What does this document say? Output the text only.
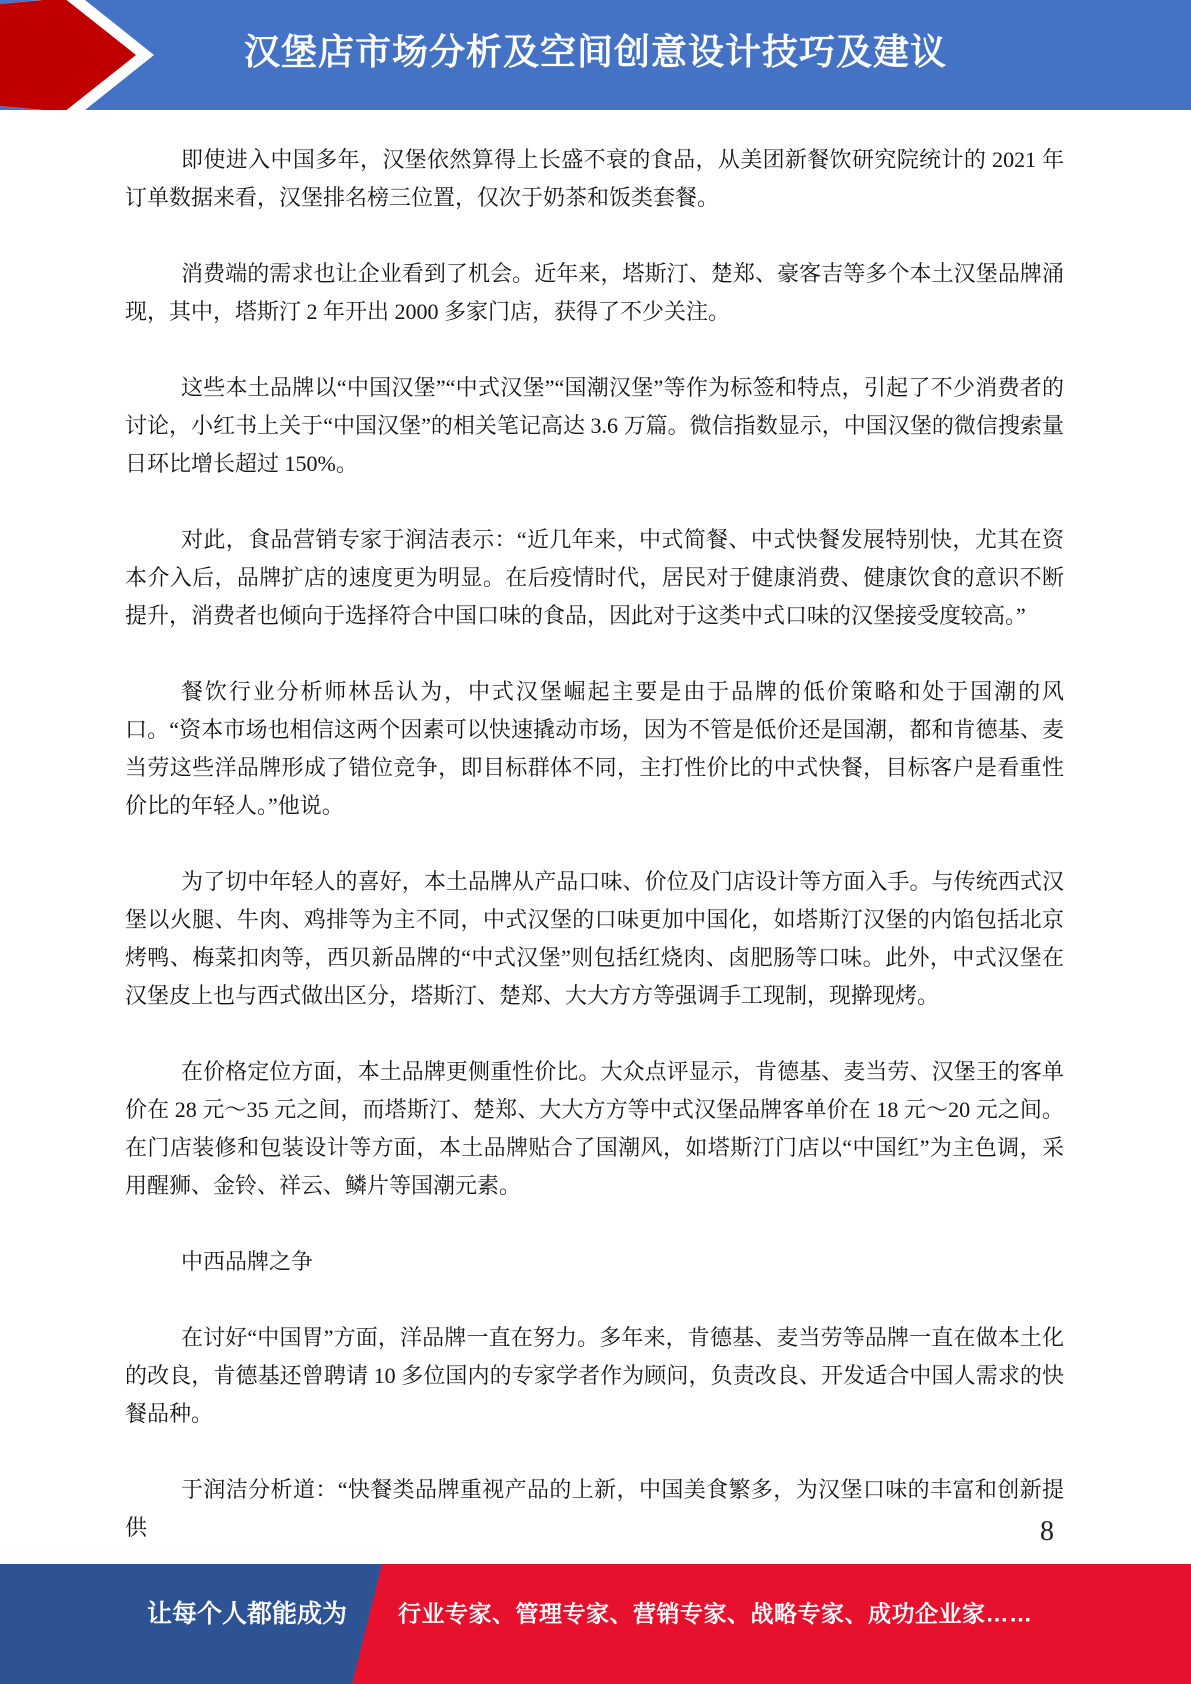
汉堡店市场分析及空间创意设计技巧及建议

即使进入中国多年，汉堡依然算得上长盛不衰的食品，从美团新餐饮研究院统计的 2021 年订单数据来看，汉堡排名榜三位置，仅次于奶茶和饭类套餐。

消费端的需求也让企业看到了机会。近年来，塔斯汀、楚郑、豪客吉等多个本土汉堡品牌涌现，其中，塔斯汀 2 年开出 2000 多家门店，获得了不少关注。

这些本土品牌以“中国汉堡”“中式汉堡”“国潮汉堡”等作为标签和特点，引起了不少消费者的讨论，小红书上关于“中国汉堡”的相关笔记高达 3.6 万篇。微信指数显示，中国汉堡的微信搜索量日环比增长超过 150%。

对此，食品营销专家于润洁表示：“近几年来，中式简餐、中式快餐发展特别快，尤其在资本介入后，品牌扩店的速度更为明显。在后疫情时代，居民对于健康消费、健康饮食的意识不断提升，消费者也倾向于选择符合中国口味的食品，因此对于这类中式口味的汉堡接受度较高。”

餐饮行业分析师林岳认为，中式汉堡崛起主要是由于品牌的低价策略和处于国潮的风口。“资本市场也相信这两个因素可以快速撬动市场，因为不管是低价还是国潮，都和肯德基、麦当劳这些洋品牌形成了错位竞争，即目标群体不同，主打性价比的中式快餐，目标客户是看重性价比的年轻人。”他说。

为了切中年轻人的喜好，本土品牌从产品口味、价位及门店设计等方面入手。与传统西式汉堡以火腿、牛肉、鸡排等为主不同，中式汉堡的口味更加中国化，如塔斯汀汉堡的内馅包括北京烤鸭、梅菜扣肉等，西贝新品牌的“中式汉堡”则包括红烧肉、卤肥肠等口味。此外，中式汉堡在汉堡皮上也与西式做出区分，塔斯汀、楚郑、大大方方等强调手工现制，现擀现烤。

在价格定位方面，本土品牌更侧重性价比。大众点评显示，肯德基、麦当劳、汉堡王的客单价在 28 元～35 元之间，而塔斯汀、楚郑、大大方方等中式汉堡品牌客单价在 18 元～20 元之间。在门店装修和包装设计等方面，本土品牌贴合了国潮风，如塔斯汀门店以“中国红”为主色调，采用醒狮、金铃、祥云、鳞片等国潮元素。

中西品牌之争

在讨好“中国胃”方面，洋品牌一直在努力。多年来，肯德基、麦当劳等品牌一直在做本土化的改良，肯德基还曾聘请 10 多位国内的专家学者作为顾问，负责改良、开发适合中国人需求的快餐品种。

于润洁分析道：“快餐类品牌重视产品的上新，中国美食繁多，为汉堡口味的丰富和创新提供	8
让每个人都能成为 行业专家、管理专家、营销专家、战略专家、成功企业家……
